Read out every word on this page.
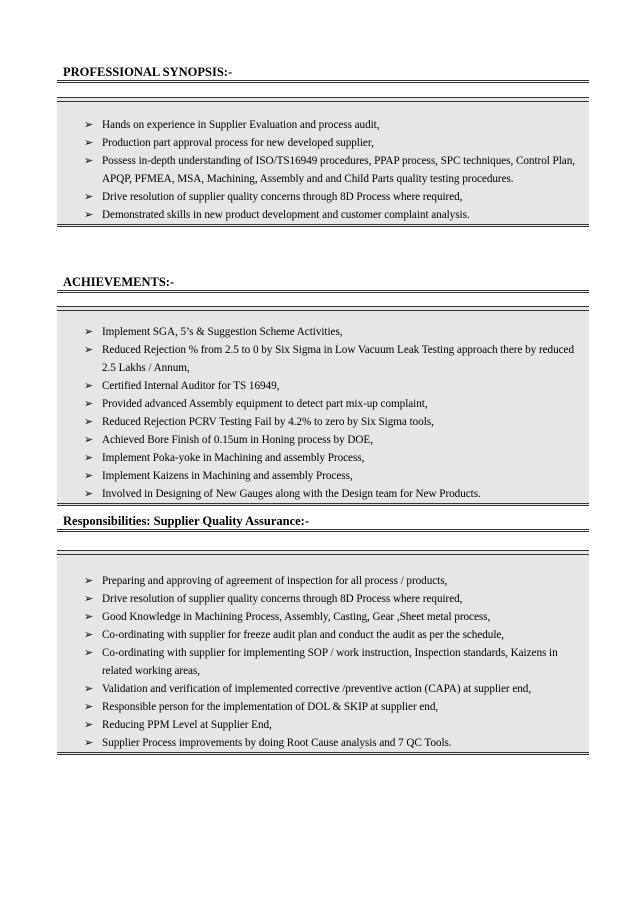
PROFESSIONAL SYNOPSIS:-
➢ Hands on experience in Supplier Evaluation and process audit,
➢ Production part approval process for new developed supplier,
➢ Possess in-depth understanding of ISO/TS16949 procedures, PPAP process, SPC techniques, Control Plan, APQP, PFMEA, MSA, Machining, Assembly and and Child Parts quality testing procedures.
➢ Drive resolution of supplier quality concerns through 8D Process where required,
➢ Demonstrated skills in new product development and customer complaint analysis.
ACHIEVEMENTS:-
➢ Implement SGA, 5’s & Suggestion Scheme Activities,
➢ Reduced Rejection % from 2.5 to 0 by Six Sigma in Low Vacuum Leak Testing approach there by reduced 2.5 Lakhs / Annum,
➢ Certified Internal Auditor for TS 16949,
➢ Provided advanced Assembly equipment to detect part mix-up complaint,
➢ Reduced Rejection PCRV Testing Fail by 4.2% to zero by Six Sigma tools,
➢ Achieved Bore Finish of 0.15um in Honing process by DOE,
➢ Implement Poka-yoke in Machining and assembly Process,
➢ Implement Kaizens in Machining and assembly Process,
➢ Involved in Designing of New Gauges along with the Design team for New Products.
Responsibilities: Supplier Quality Assurance:-
➢ Preparing and approving of agreement of inspection for all process / products,
➢ Drive resolution of supplier quality concerns through 8D Process where required,
➢ Good Knowledge in Machining Process, Assembly, Casting, Gear ,Sheet metal process,
➢ Co-ordinating with supplier for freeze audit plan and conduct the audit as per the schedule,
➢ Co-ordinating with supplier for implementing SOP / work instruction, Inspection standards, Kaizens in related working areas,
➢ Validation and verification of implemented corrective /preventive action (CAPA) at supplier end,
➢ Responsible person for the implementation of DOL & SKIP at supplier end,
➢ Reducing PPM Level at Supplier End,
➢ Supplier Process improvements by doing Root Cause analysis and 7 QC Tools.
